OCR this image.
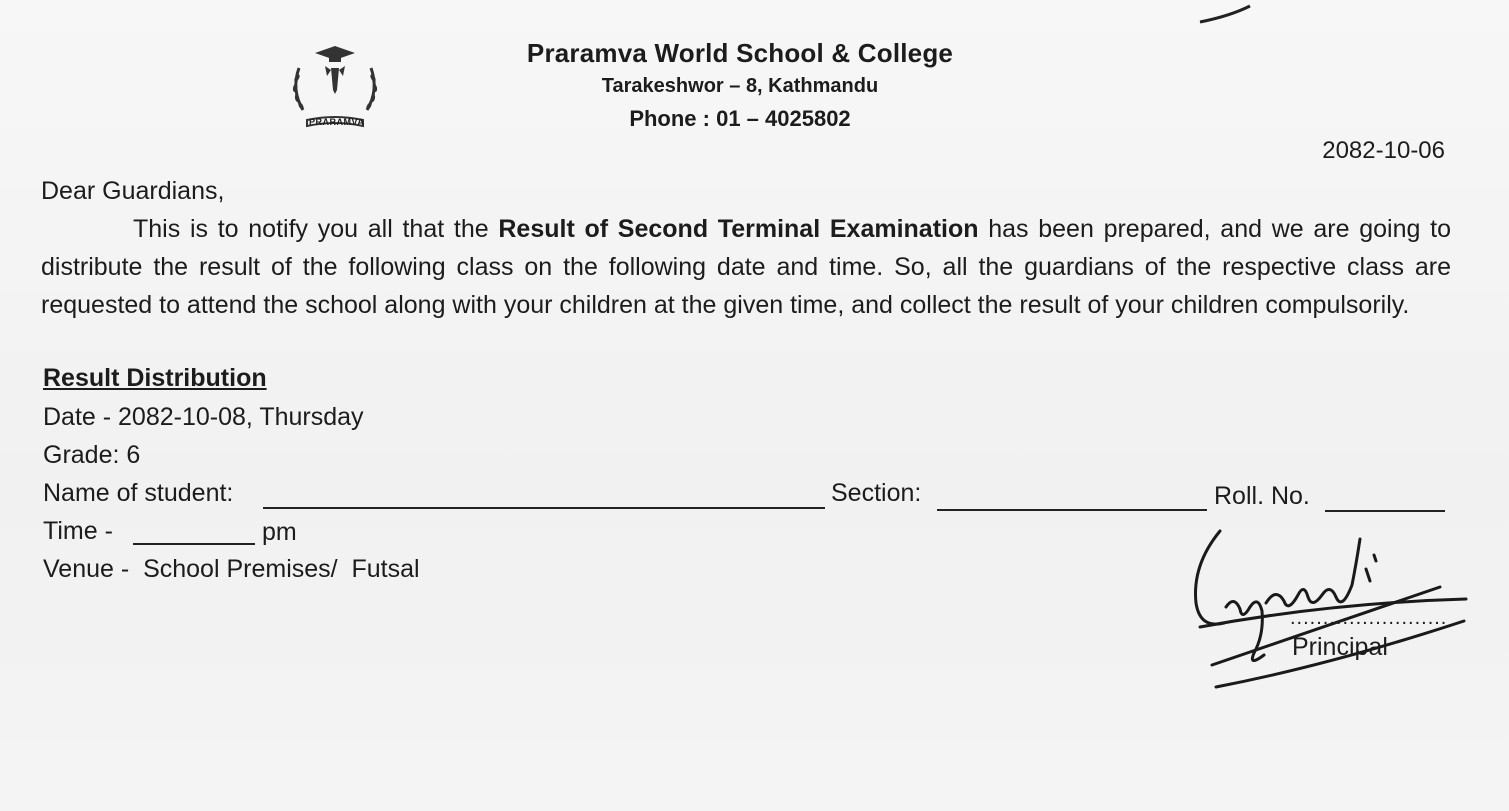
PRARAMVA
Praramva World School & College
Tarakeshwor – 8, Kathmandu
Phone : 01 – 4025802
2082-10-06
Dear Guardians,

This is to notify you all that the Result of Second Terminal Examination has been prepared, and we are going to distribute the result of the following class on the following date and time. So, all the guardians of the respective class are requested to attend the school along with your children at the given time, and collect the result of your children compulsorily.

Result Distribution
Date - 2082-10-08, Thursday
Grade: 6
Name of student:	Section:	Roll. No.
Time -	pm
Venue -  School Premises/  Futsal
........................
Principal
